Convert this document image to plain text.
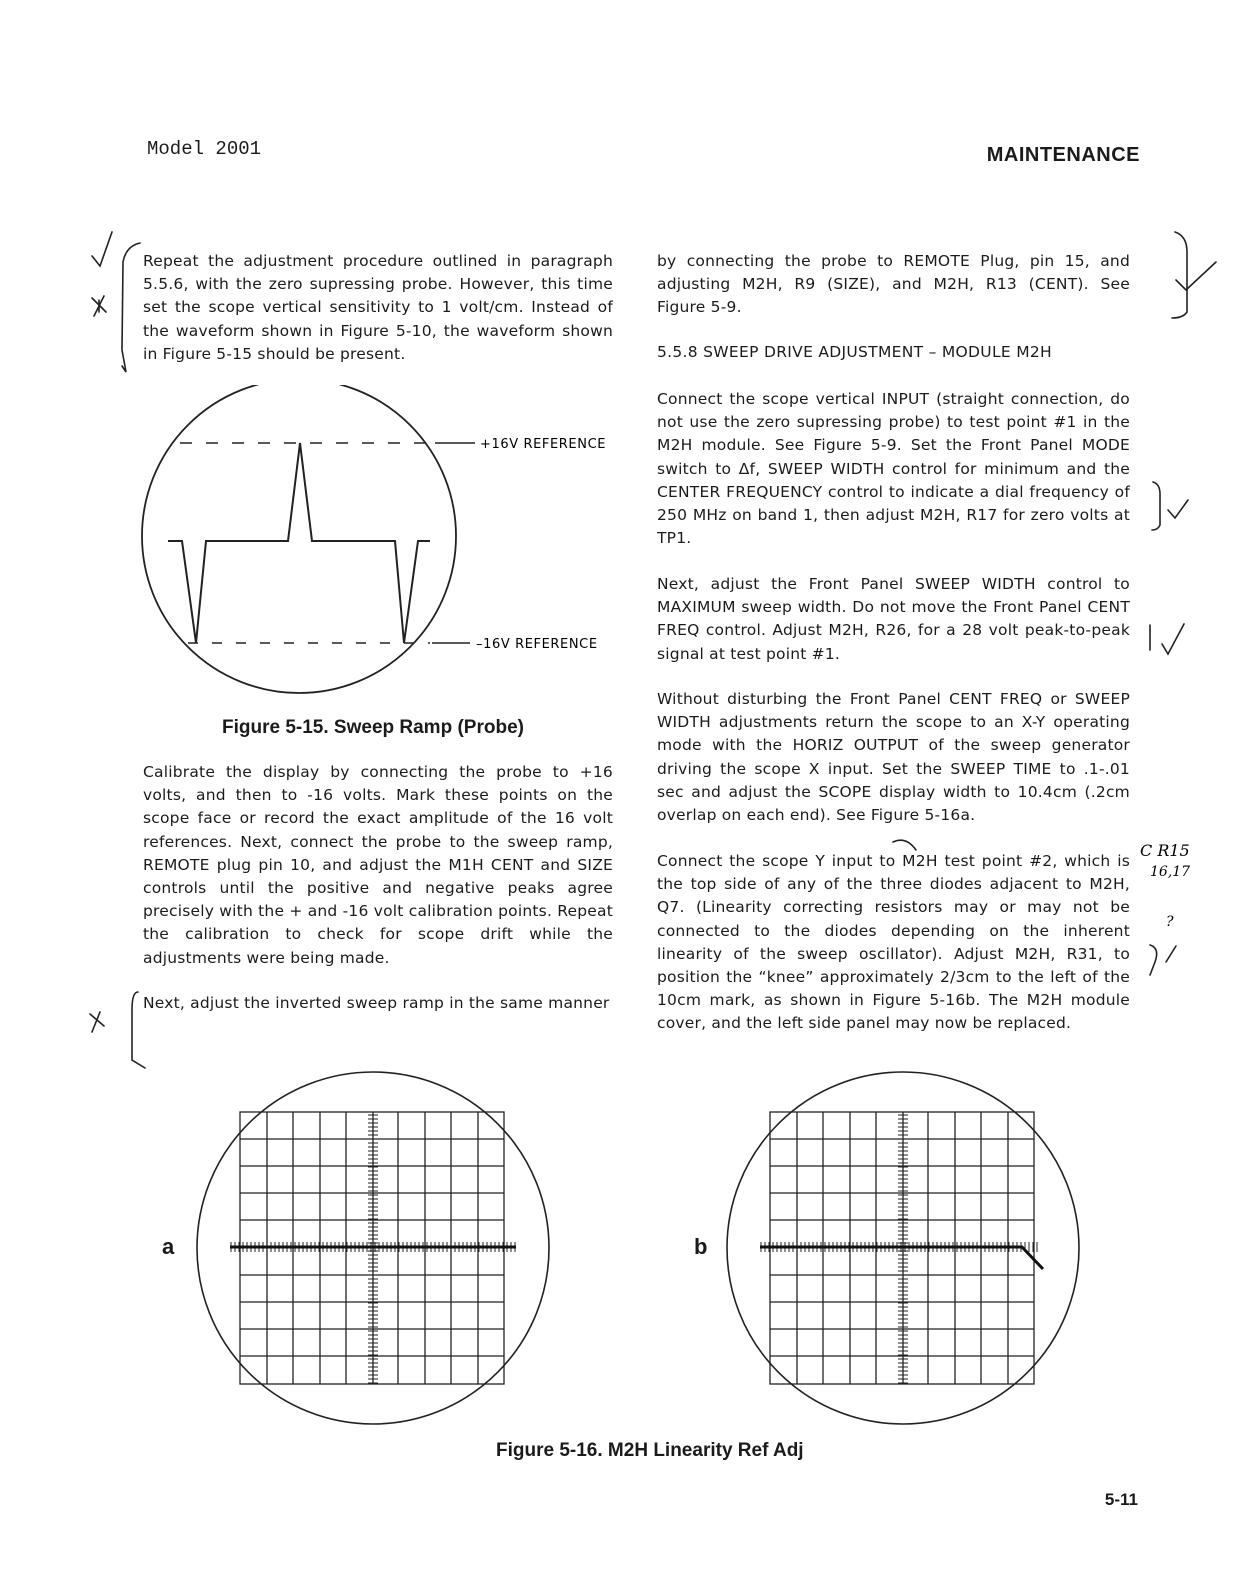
Model 2001	MAINTENANCE
Repeat the adjustment procedure outlined in paragraph 5.5.6, with the zero supressing probe. However, this time set the scope vertical sensitivity to 1 volt/cm. Instead of the waveform shown in Figure 5-10, the waveform shown in Figure 5-15 should be present.
+16V REFERENCE
–16V REFERENCE
Figure 5-15. Sweep Ramp (Probe)
Calibrate the display by connecting the probe to +16 volts, and then to -16 volts. Mark these points on the scope face or record the exact amplitude of the 16 volt references. Next, connect the probe to the sweep ramp, REMOTE plug pin 10, and adjust the M1H CENT and SIZE controls until the positive and negative peaks agree precisely with the + and -16 volt calibration points. Repeat the calibration to check for scope drift while the adjustments were being made.
Next, adjust the inverted sweep ramp in the same manner
by connecting the probe to REMOTE Plug, pin 15, and adjusting M2H, R9 (SIZE), and M2H, R13 (CENT). See Figure 5-9.
5.5.8 SWEEP DRIVE ADJUSTMENT – MODULE M2H
Connect the scope vertical INPUT (straight connection, do not use the zero supressing probe) to test point #1 in the M2H module. See Figure 5-9. Set the Front Panel MODE switch to Δf, SWEEP WIDTH control for minimum and the CENTER FREQUENCY control to indicate a dial frequency of 250 MHz on band 1, then adjust M2H, R17 for zero volts at TP1.
Next, adjust the Front Panel SWEEP WIDTH control to MAXIMUM sweep width. Do not move the Front Panel CENT FREQ control. Adjust M2H, R26, for a 28 volt peak-to-peak signal at test point #1.
Without disturbing the Front Panel CENT FREQ or SWEEP WIDTH adjustments return the scope to an X-Y operating mode with the HORIZ OUTPUT of the sweep generator driving the scope X input. Set the SWEEP TIME to .1-.01 sec and adjust the SCOPE display width to 10.4cm (.2cm overlap on each end). See Figure 5-16a.
Connect the scope Y input to M2H test point #2, which is the top side of any of the three diodes adjacent to M2H, Q7. (Linearity correcting resistors may or may not be connected to the diodes depending on the inherent linearity of the sweep oscillator). Adjust M2H, R31, to position the “knee” approximately 2/3cm to the left of the 10cm mark, as shown in Figure 5-16b. The M2H module cover, and the left side panel may now be replaced.
a	b
Figure 5-16. M2H Linearity Ref Adj
C R15
16,17
?
5-11
